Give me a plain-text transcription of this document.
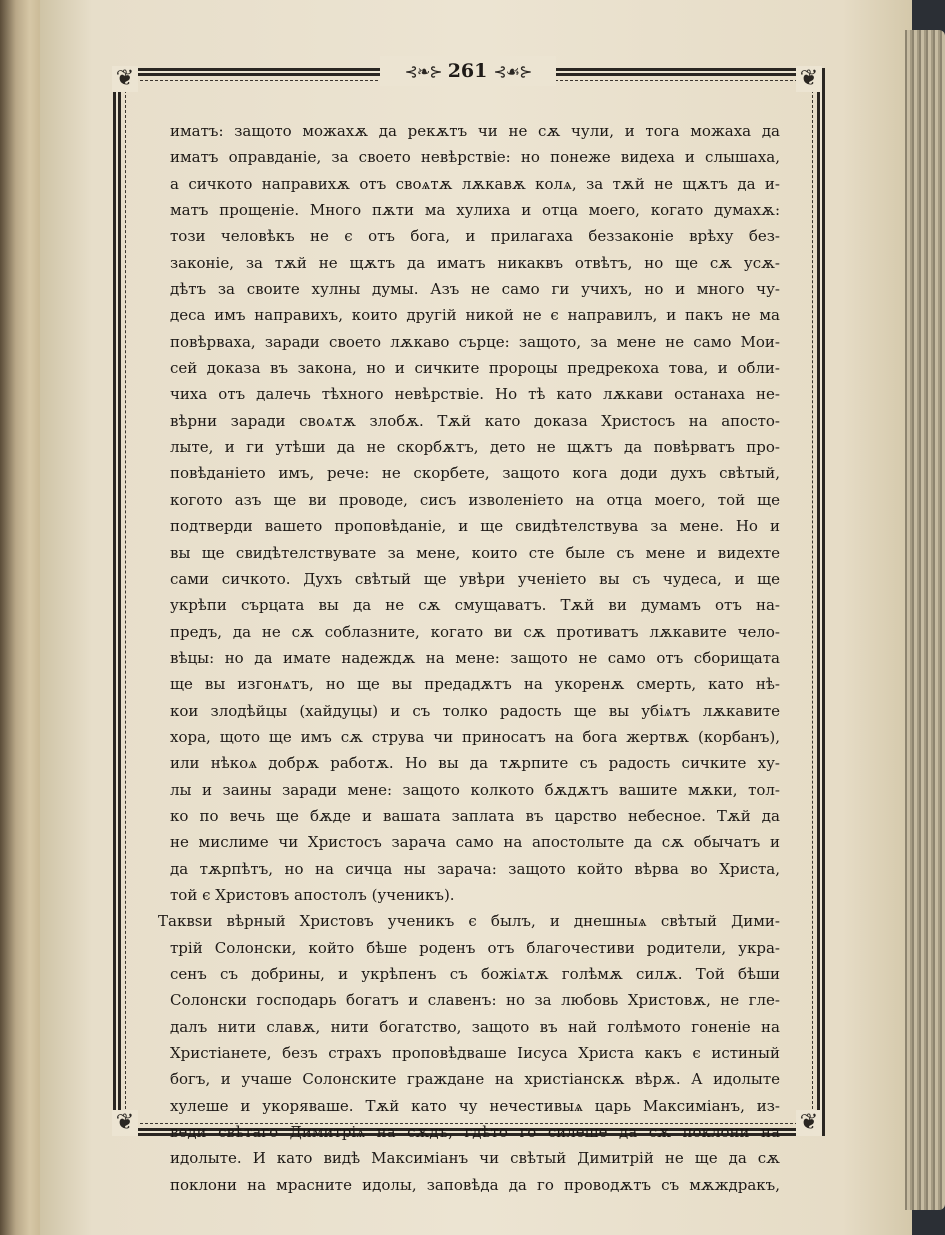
❦	❦
❦	❦
⊰❧⊱ 261 ⊰☙⊱
иматъ: защото можахѫ да рекѫтъ чи не сѫ чули, и тога можаха да
иматъ оправданіе, за своето невѣрствіе: но понеже видеха и слышаха,
а сичкото направихѫ отъ своѧтѫ лѫкавѫ колѧ, за тѫй не щѫтъ да и-
матъ прощеніе. Много пѫти ма хулиха и отца моего, когато думахѫ:
този человѣкъ не є отъ бога, и прилагаха беззаконіе врѣху без-
законіе, за тѫй не щѫтъ да иматъ никаквъ отвѣтъ, но ще сѫ усѫ-
дѣтъ за своите хулны думы. Азъ не само ги учихъ, но и много чу-
деса имъ направихъ, които другій никой не є направилъ, и пакъ не ма
повѣрваха, заради своето лѫкаво сърце: защото, за мене не само Мои-
сей доказа въ закона, но и сичките пророцы предрекоха това, и обли-
чиха отъ далечь тѣхного невѣрствіе. Но тѣ като лѫкави останаха не-
вѣрни заради своѧтѫ злобѫ. Тѫй като доказа Христосъ на апосто-
лыте, и ги утѣши да не скорбѫтъ, дето не щѫтъ да повѣрватъ про-
повѣданіето имъ, рече: не скорбете, защото кога доди духъ свѣтый,
когото азъ ще ви проводе, сисъ изволеніето на отца моего, той ще
подтверди вашето проповѣданіе, и ще свидѣтелствува за мене. Но и
вы ще свидѣтелствувате за мене, които сте быле съ мене и видехте
сами сичкото. Духъ свѣтый ще увѣри ученіето вы съ чудеса, и ще
укрѣпи сърцата вы да не сѫ смущаватъ. Тѫй ви думамъ отъ на-
предъ, да не сѫ соблазните, когато ви сѫ противатъ лѫкавите чело-
вѣцы: но да имате надеждѫ на мене: защото не само отъ сборищата
ще вы изгонѧтъ, но ще вы предадѫтъ на укоренѫ смерть, като нѣ-
кои злодѣйцы (хайдуцы) и съ толко радость ще вы убіѧтъ лѫкавите
хора, щото ще имъ сѫ струва чи приносатъ на бога жертвѫ (корбанъ),
или нѣкоѧ добрѫ работѫ. Но вы да тѫрпите съ радость сичките ху-
лы и заины заради мене: защото колкото бѫдѫтъ вашите мѫки, тол-
ко по вечь ще бѫде и вашата заплата въ царство небесное. Тѫй да
не мислиме чи Христосъ зарача само на апостолыте да сѫ обычатъ и
да тѫрпѣтъ, но на сичца ны зарача: защото който вѣрва во Христа,
той є Христовъ апостолъ (ученикъ).
Таквѕи вѣрный Христовъ ученикъ є былъ, и днешныѧ свѣтый Дими-
трій Солонски, който бѣше роденъ отъ благочестиви родители, укра-
сенъ съ добрины, и укрѣпенъ съ божіѧтѫ голѣмѫ силѫ. Той бѣши
Солонски господарь богатъ и славенъ: но за любовь Христовѫ, не гле-
далъ нити славѫ, нити богатство, защото въ най голѣмото гоненіе на
Христіанете, безъ страхъ проповѣдваше Іисуса Христа какъ є истиный
богъ, и учаше Солонските граждане на христіанскѫ вѣрѫ. А идолыте
хулеше и укоряваше. Тѫй като чу нечестивыѧ царь Максиміанъ, из-
веди свѣтаго Димитріѧ на сѫдъ, гдѣто го силеше да сѫ поклони на
идолыте. И като видѣ Максиміанъ чи свѣтый Димитрій не ще да сѫ
поклони на мрасните идолы, заповѣда да го проводѫтъ съ мѫждракъ,
